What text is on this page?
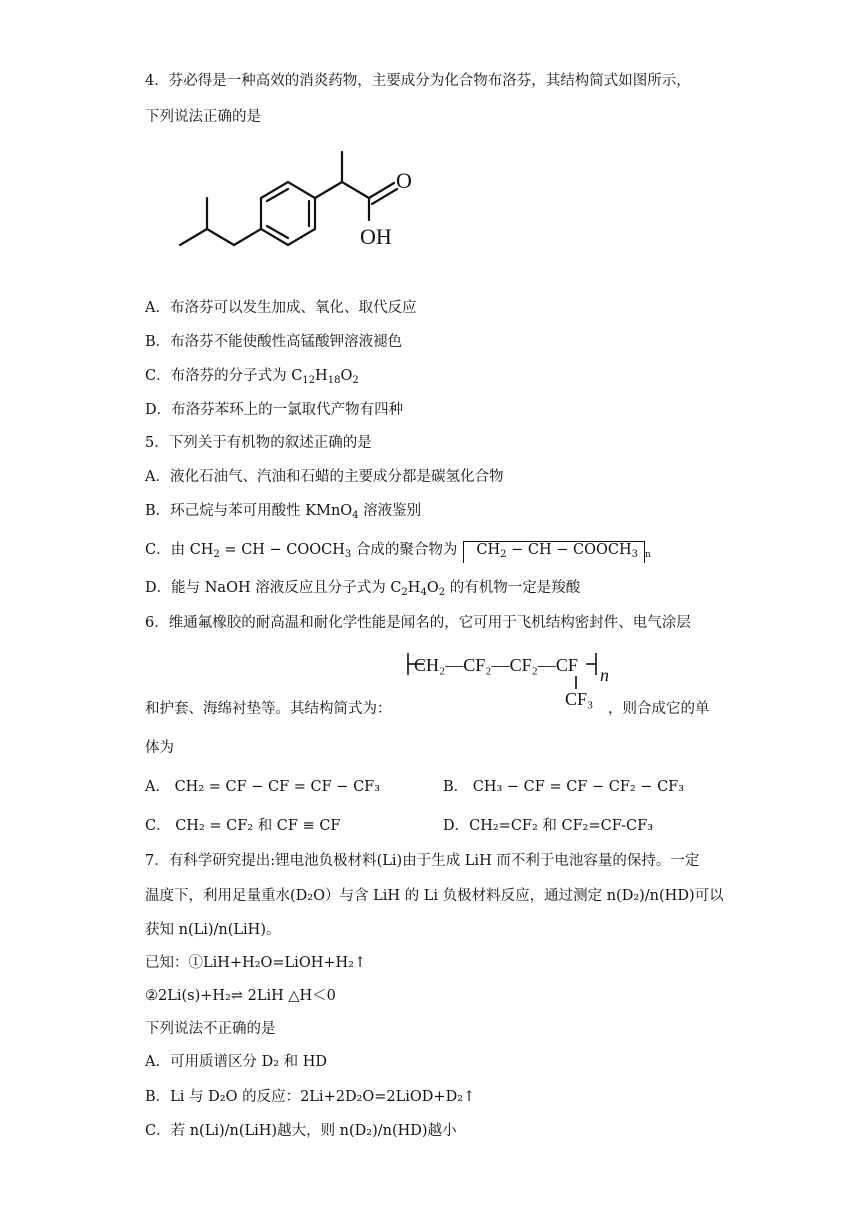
4．芬必得是一种高效的消炎药物，主要成分为化合物布洛芬，其结构简式如图所示，
下列说法正确的是
O
OH
A．布洛芬可以发生加成、氧化、取代反应
B．布洛芬不能使酸性高锰酸钾溶液褪色
C．布洛芬的分子式为 $C_{12}H_{18}O_2$
D．布洛芬苯环上的一氯取代产物有四种
5．下列关于有机物的叙述正确的是
A．液化石油气、汽油和石蜡的主要成分都是碳氢化合物
B．环己烷与苯可用酸性 KMnO$_4$ 溶液鉴别
C．由 $CH_2$ = CH − $COOCH_3$ 合成的聚合物为 $CH_2$ − CH − $COOCH_3$ $_n$
D．能与 NaOH 溶液反应且分子式为 $C_2H_4O_2$ 的有机物一定是羧酸
6．维通氟橡胶的耐高温和耐化学性能是闻名的，它可用于飞机结构密封件、电气涂层
CH₂—CF₂—CF₂—CF n
CF₃
和护套、海绵衬垫等。其结构简式为：	，则合成它的单
体为
A． CH₂ = CF − CF = CF − CF₃	B． CH₃ − CF = CF − CF₂ − CF₃
C． CH₂ = CF₂ 和 CF ≡ CF	D．CH₂=CF₂ 和 CF₂=CF-CF₃
7．有科学研究提出:锂电池负极材料(Li)由于生成 LiH 而不利于电池容量的保持。一定
温度下，利用足量重水(D₂O）与含 LiH 的 Li 负极材料反应，通过测定 n(D₂)/n(HD)可以
获知 n(Li)/n(LiH)。
已知：①LiH+H₂O=LiOH+H₂↑
②2Li(s)+H₂⇌ 2LiH △H＜0
下列说法不正确的是
A．可用质谱区分 D₂ 和 HD
B．Li 与 D₂O 的反应：2Li+2D₂O=2LiOD+D₂↑
C．若 n(Li)/n(LiH)越大，则 n(D₂)/n(HD)越小
